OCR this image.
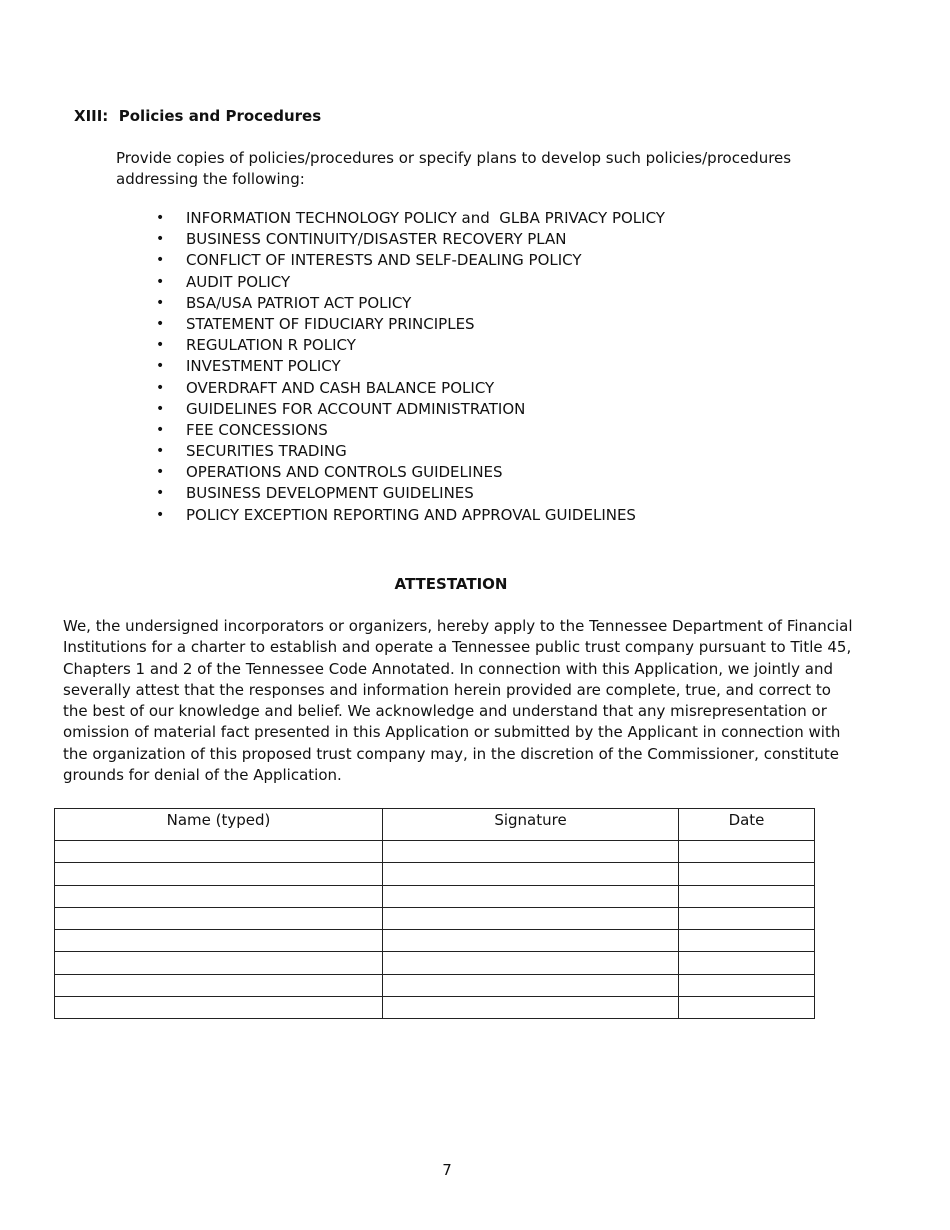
XIII:  Policies and Procedures
Provide copies of policies/procedures or specify plans to develop such policies/procedures addressing the following:
• INFORMATION TECHNOLOGY POLICY and  GLBA PRIVACY POLICY
• BUSINESS CONTINUITY/DISASTER RECOVERY PLAN
• CONFLICT OF INTERESTS AND SELF-DEALING POLICY
• AUDIT POLICY
• BSA/USA PATRIOT ACT POLICY
• STATEMENT OF FIDUCIARY PRINCIPLES
• REGULATION R POLICY
• INVESTMENT POLICY
• OVERDRAFT AND CASH BALANCE POLICY
• GUIDELINES FOR ACCOUNT ADMINISTRATION
• FEE CONCESSIONS
• SECURITIES TRADING
• OPERATIONS AND CONTROLS GUIDELINES
• BUSINESS DEVELOPMENT GUIDELINES
• POLICY EXCEPTION REPORTING AND APPROVAL GUIDELINES
ATTESTATION
We, the undersigned incorporators or organizers, hereby apply to the Tennessee Department of Financial Institutions for a charter to establish and operate a Tennessee public trust company pursuant to Title 45, Chapters 1 and 2 of the Tennessee Code Annotated. In connection with this Application, we jointly and severally attest that the responses and information herein provided are complete, true, and correct to the best of our knowledge and belief. We acknowledge and understand that any misrepresentation or omission of material fact presented in this Application or submitted by the Applicant in connection with the organization of this proposed trust company may, in the discretion of the Commissioner, constitute grounds for denial of the Application.
Name (typed)	Signature	Date

7
